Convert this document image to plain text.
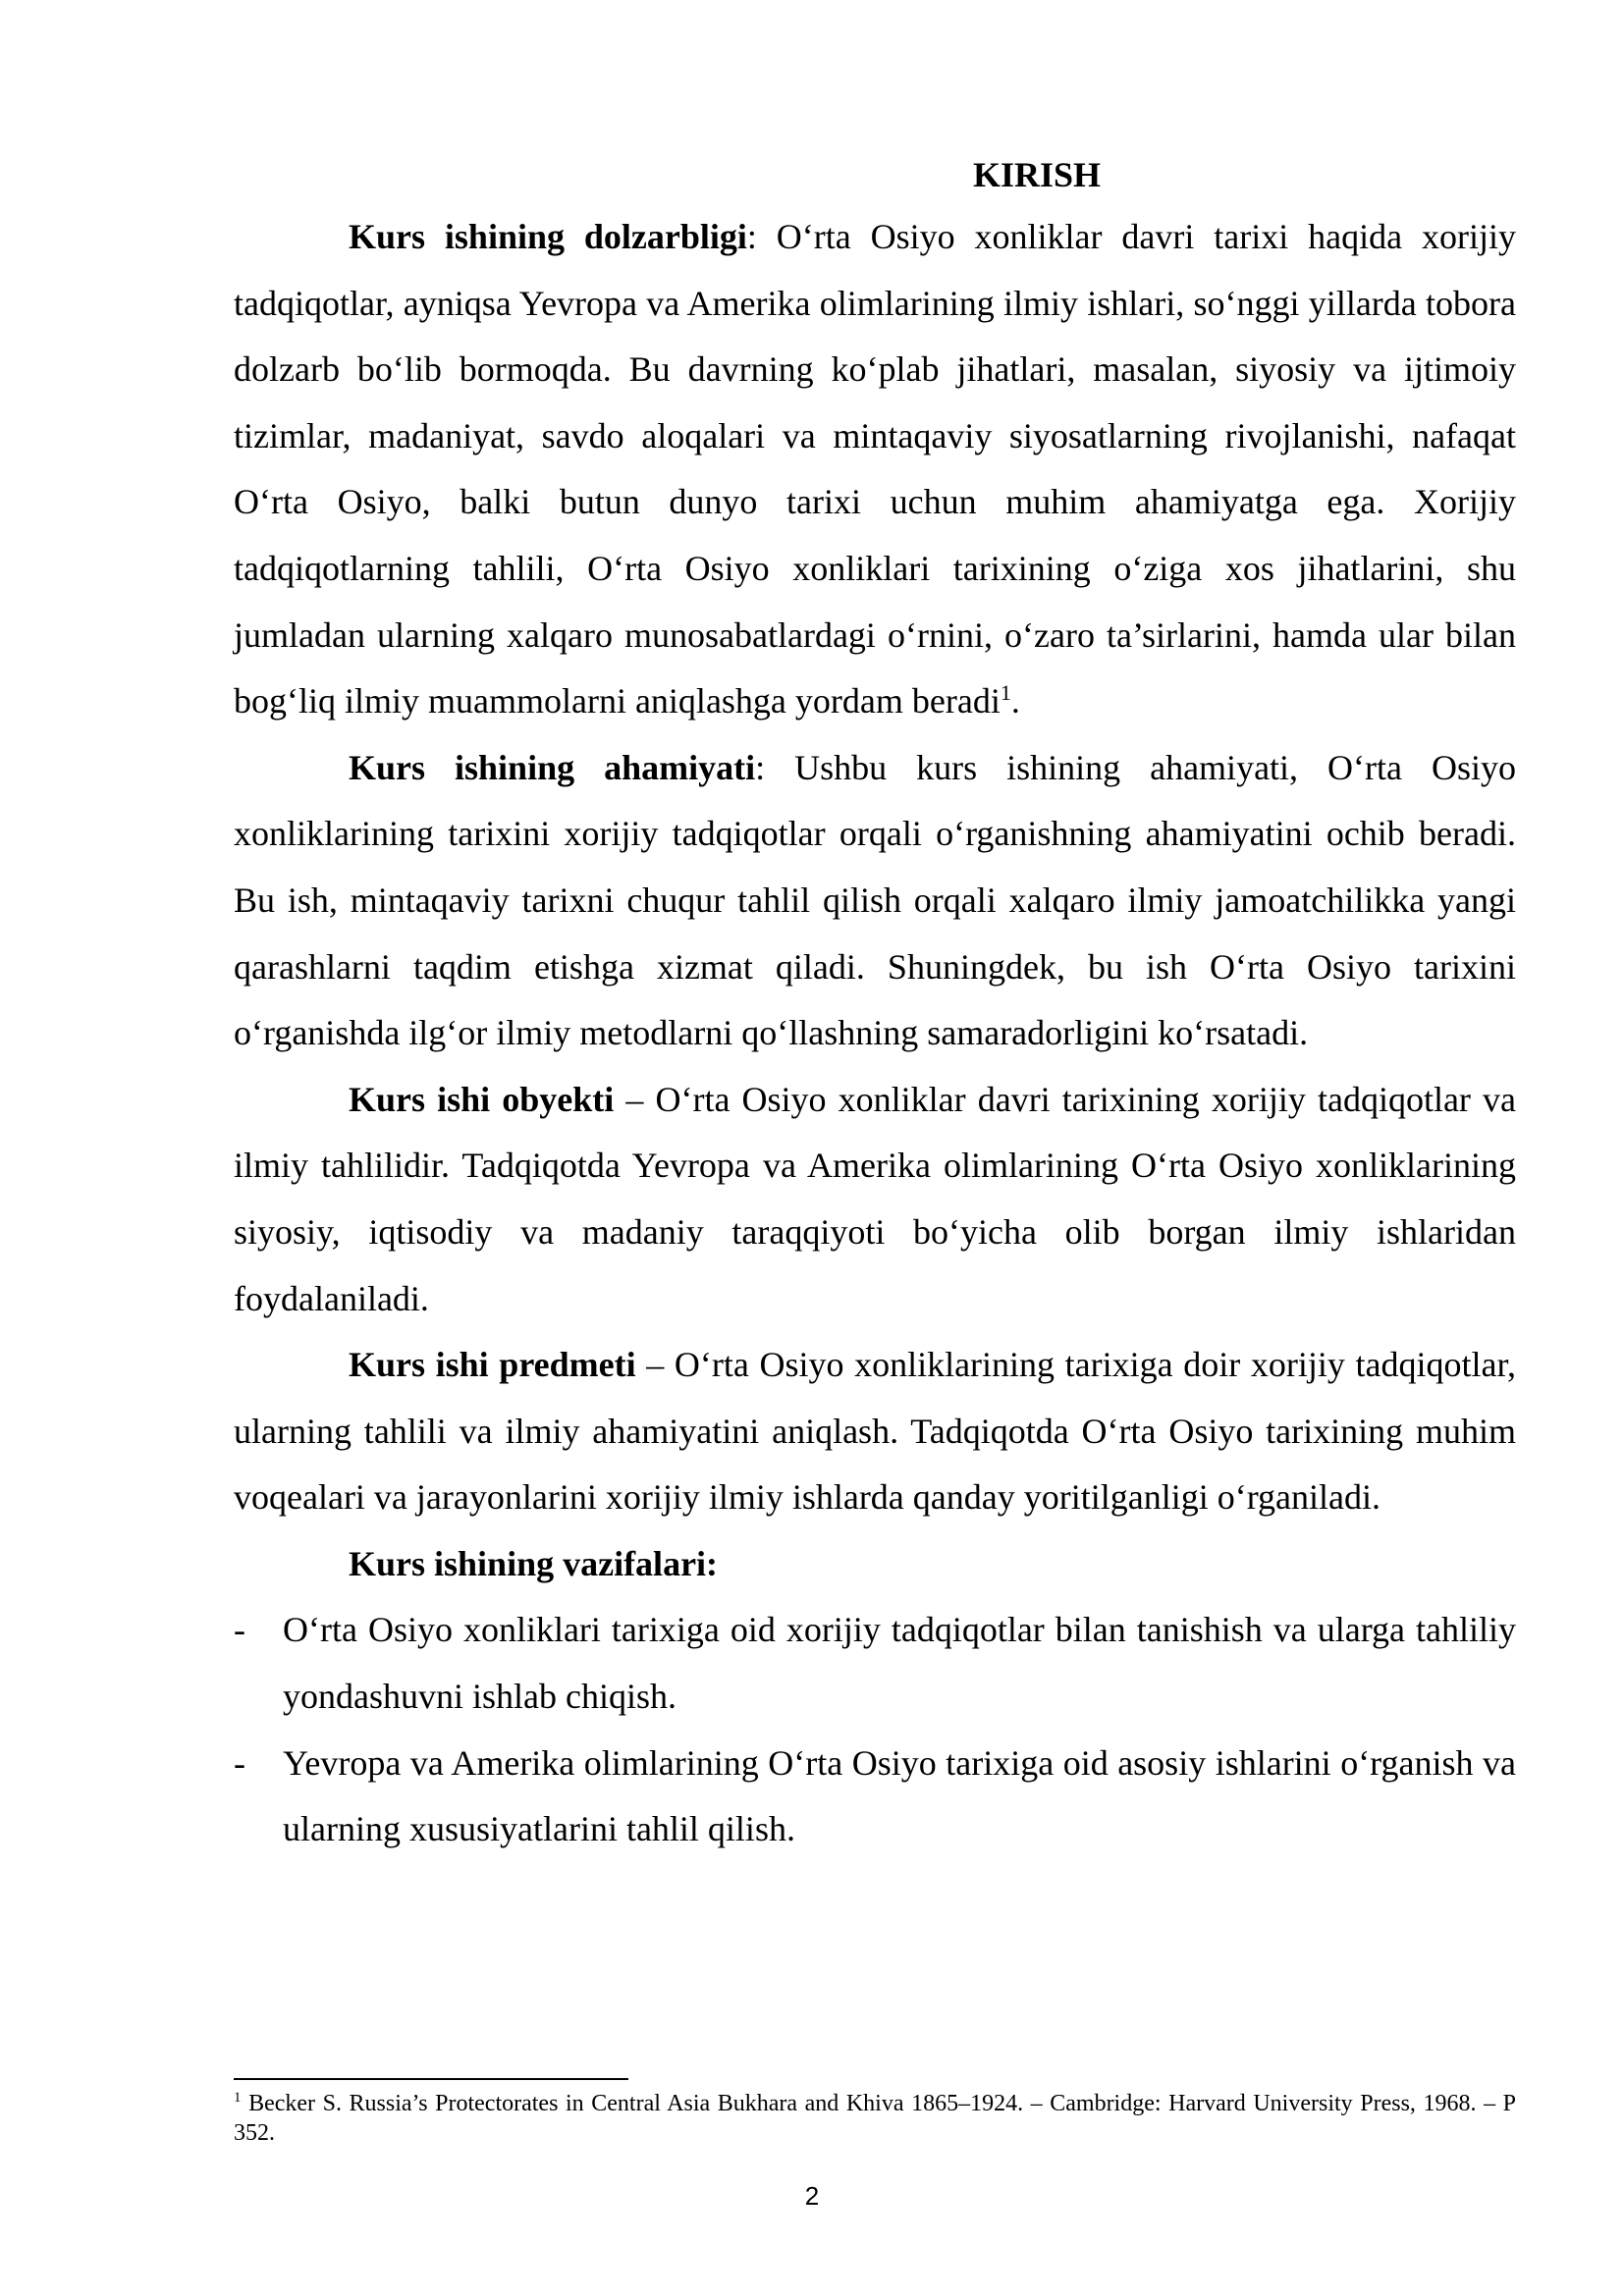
KIRISH

Kurs ishining dolzarbligi: O‘rta Osiyo xonliklar davri tarixi haqida xorijiy tadqiqotlar, ayniqsa Yevropa va Amerika olimlarining ilmiy ishlari, so‘nggi yillarda tobora dolzarb bo‘lib bormoqda. Bu davrning ko‘plab jihatlari, masalan, siyosiy va ijtimoiy tizimlar, madaniyat, savdo aloqalari va mintaqaviy siyosatlarning rivojlanishi, nafaqat O‘rta Osiyo, balki butun dunyo tarixi uchun muhim ahamiyatga ega. Xorijiy tadqiqotlarning tahlili, O‘rta Osiyo xonliklari tarixining o‘ziga xos jihatlarini, shu jumladan ularning xalqaro munosabatlardagi o‘rnini, o‘zaro ta’sirlarini, hamda ular bilan bog‘liq ilmiy muammolarni aniqlashga yordam beradi$^1$.

Kurs ishining ahamiyati: Ushbu kurs ishining ahamiyati, O‘rta Osiyo xonliklarining tarixini xorijiy tadqiqotlar orqali o‘rganishning ahamiyatini ochib beradi. Bu ish, mintaqaviy tarixni chuqur tahlil qilish orqali xalqaro ilmiy jamoatchilikka yangi qarashlarni taqdim etishga xizmat qiladi. Shuningdek, bu ish O‘rta Osiyo tarixini o‘rganishda ilg‘or ilmiy metodlarni qo‘llashning samaradorligini ko‘rsatadi.

Kurs ishi obyekti – O‘rta Osiyo xonliklar davri tarixining xorijiy tadqiqotlar va ilmiy tahlilidir. Tadqiqotda Yevropa va Amerika olimlarining O‘rta Osiyo xonliklarining siyosiy, iqtisodiy va madaniy taraqqiyoti bo‘yicha olib borgan ilmiy ishlaridan foydalaniladi.

Kurs ishi predmeti – O‘rta Osiyo xonliklarining tarixiga doir xorijiy tadqiqotlar, ularning tahlili va ilmiy ahamiyatini aniqlash. Tadqiqotda O‘rta Osiyo tarixining muhim voqealari va jarayonlarini xorijiy ilmiy ishlarda qanday yoritilganligi o‘rganiladi.

Kurs ishining vazifalari:

- O‘rta Osiyo xonliklari tarixiga oid xorijiy tadqiqotlar bilan tanishish va ularga tahliliy yondashuvni ishlab chiqish.
- Yevropa va Amerika olimlarining O‘rta Osiyo tarixiga oid asosiy ishlarini o‘rganish va ularning xususiyatlarini tahlil qilish.
$^1$ Becker S. Russia’s Protectorates in Central Asia Bukhara and Khiva 1865–1924. – Cambridge: Harvard University Press, 1968. – P 352.
2
